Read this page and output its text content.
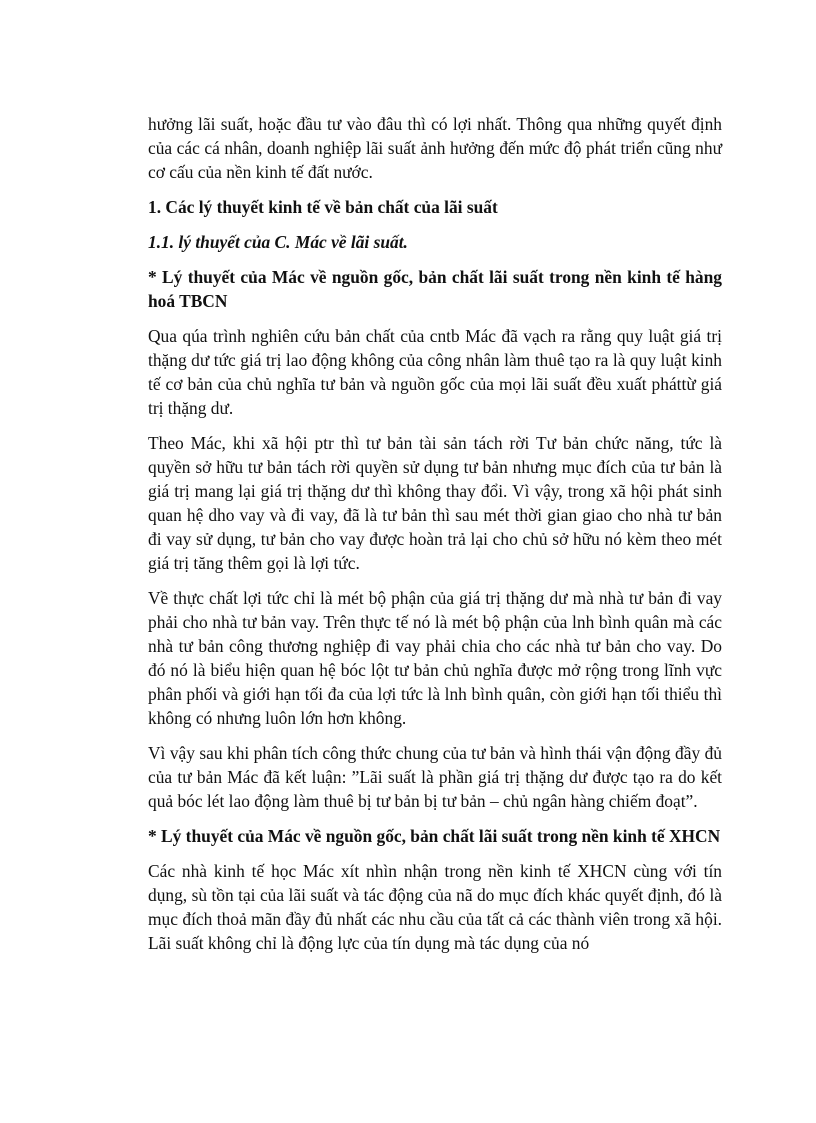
hưởng lãi suất, hoặc đầu tư vào đâu thì có lợi nhất. Thông qua những quyết định của các cá nhân, doanh nghiệp lãi suất ảnh hưởng đến mức độ phát triển cũng như cơ cấu của nền kinh tế đất nước.

1. Các lý thuyết kinh tế về bản chất của lãi suất

1.1. lý thuyết của C. Mác về lãi suất.

* Lý thuyết của Mác về nguồn gốc, bản chất lãi suất trong nền kinh tế hàng hoá TBCN

Qua qúa trình nghiên cứu bản chất của cntb Mác đã vạch ra rằng quy luật giá trị thặng dư tức giá trị lao động không của công nhân làm thuê tạo ra là quy luật kinh tế cơ bản của chủ nghĩa tư bản và nguồn gốc của mọi lãi suất đều xuất pháttừ giá trị thặng dư.

Theo Mác, khi xã hội ptr thì tư bản tài sản tách rời Tư bản chức năng, tức là quyền sở hữu tư bản tách rời quyền sử dụng tư bản nhưng mục đích của tư bản là giá trị mang lại giá trị thặng dư thì không thay đổi. Vì vậy, trong xã hội phát sinh quan hệ dho vay và đi vay, đã là tư bản thì sau mét thời gian giao cho nhà tư bản đi vay sử dụng, tư bản cho vay được hoàn trả lại cho chủ sở hữu nó kèm theo mét giá trị tăng thêm gọi là lợi tức.

Về thực chất lợi tức chỉ là mét bộ phận của giá trị thặng dư mà nhà tư bản đi vay phải cho nhà tư bản vay. Trên thực tế nó là mét bộ phận của lnh bình quân mà các nhà tư bản công thương nghiệp đi vay phải chia cho các nhà tư bản cho vay. Do đó nó là biểu hiện quan hệ bóc lột tư bản chủ nghĩa được mở rộng trong lĩnh vực phân phối và giới hạn tối đa của lợi tức là lnh bình quân, còn giới hạn tối thiểu thì không có nhưng luôn lớn hơn không.

Vì vậy sau khi phân tích công thức chung của tư bản và hình thái vận động đầy đủ của tư bản Mác đã kết luận: ”Lãi suất là phần giá trị thặng dư được tạo ra do kết quả bóc lét lao động làm thuê bị tư bản bị tư bản – chủ ngân hàng chiếm đoạt”.

* Lý thuyết của Mác về nguồn gốc, bản chất lãi suất trong nền kinh tế XHCN

Các nhà kinh tế học Mác xít nhìn nhận trong nền kinh tế XHCN cùng với tín dụng, sù tồn tại của lãi suất và tác động của nã do mục đích khác quyết định, đó là mục đích thoả mãn đầy đủ nhất các nhu cầu của tất cả các thành viên trong xã hội. Lãi suất không chỉ là động lực của tín dụng mà tác dụng của nó
